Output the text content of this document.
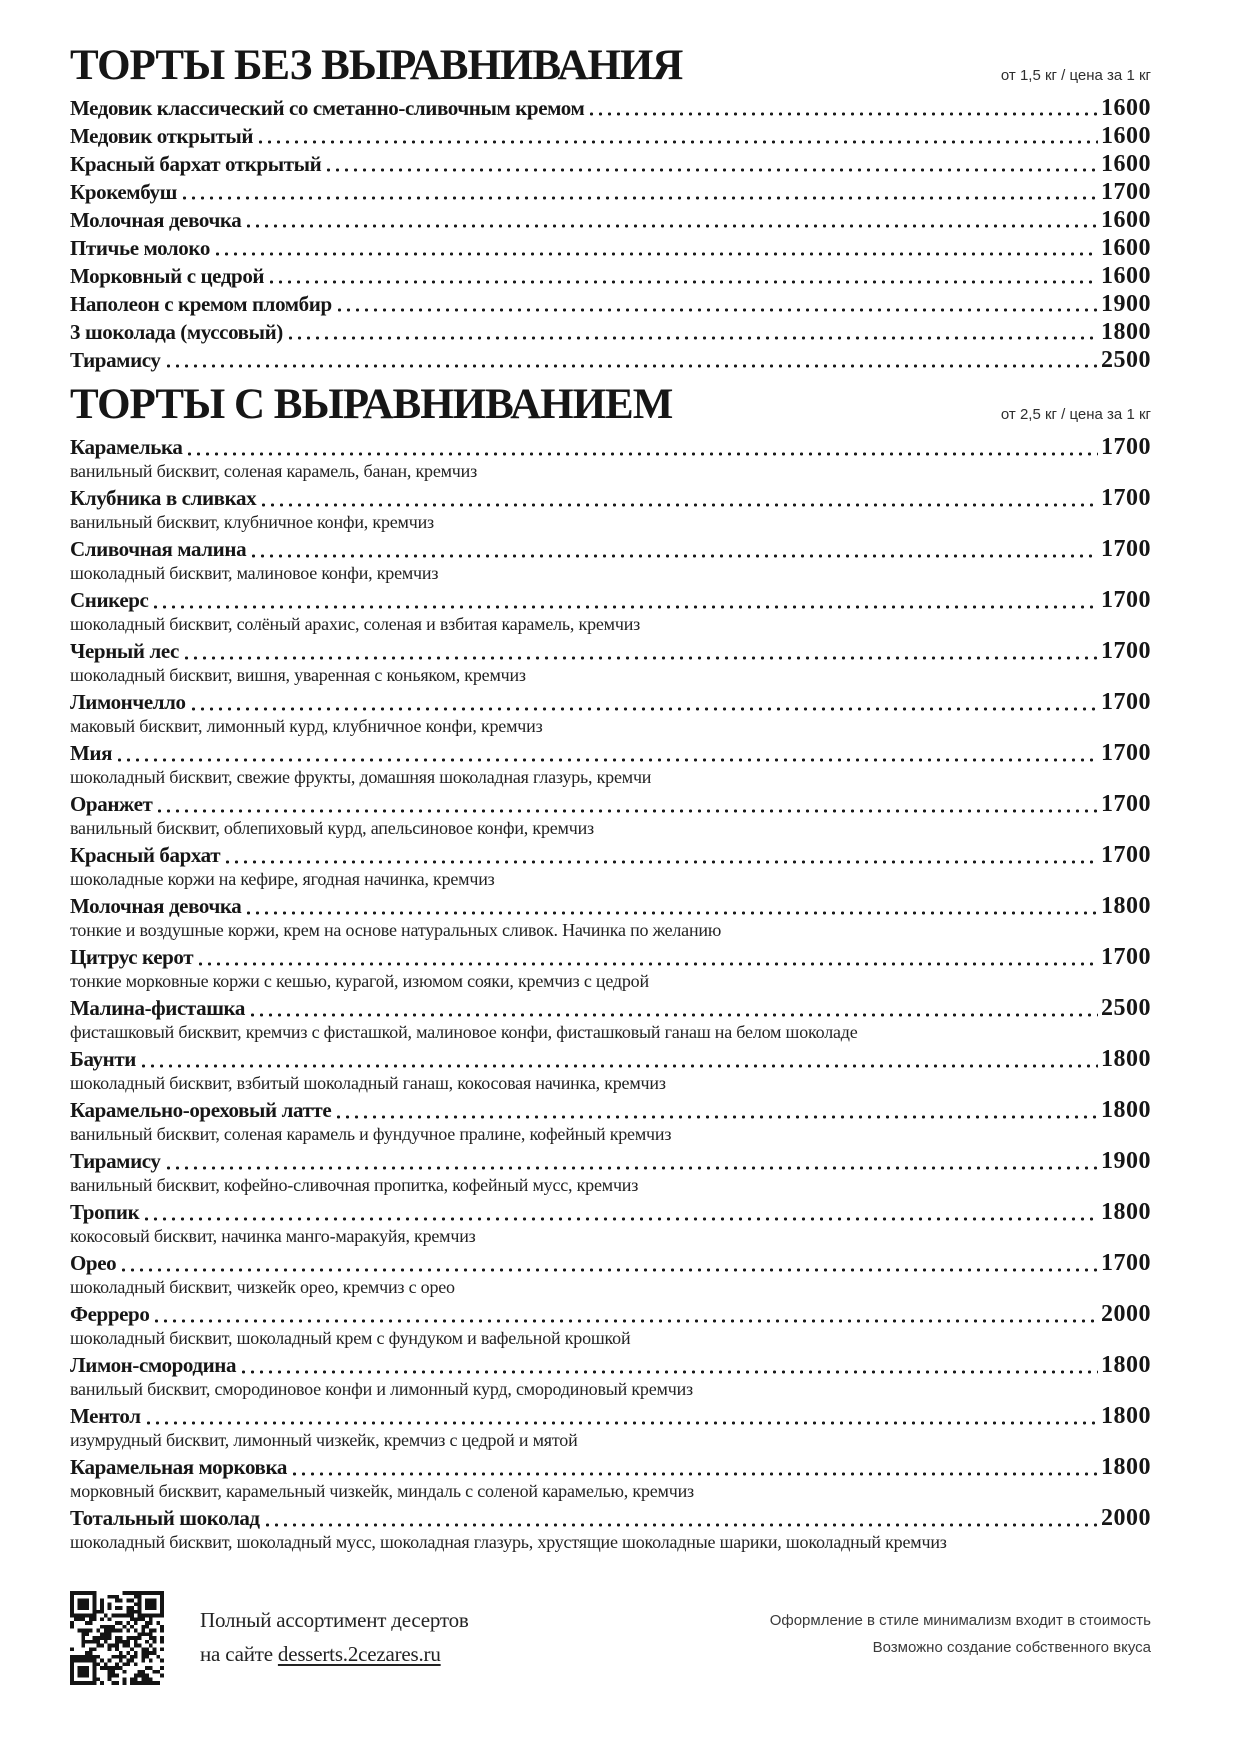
ТОРТЫ БЕЗ ВЫРАВНИВАНИЯ	от 1,5 кг / цена за 1 кг
Медовик классический со сметанно-сливочным кремом	1600
Медовик открытый	1600
Красный бархат открытый	1600
Крокембуш	1700
Молочная девочка	1600
Птичье молоко	1600
Морковный с цедрой	1600
Наполеон с кремом пломбир	1900
3 шоколада (муссовый)	1800
Тирамису	2500
ТОРТЫ С ВЫРАВНИВАНИЕМ	от 2,5 кг / цена за 1 кг
Карамелька	1700
ванильный бисквит, соленая карамель, банан, кремчиз
Клубника в сливках	1700
ванильный бисквит, клубничное конфи, кремчиз
Сливочная малина	1700
шоколадный бисквит, малиновое конфи, кремчиз
Сникерс	1700
шоколадный бисквит, солёный арахис, соленая и взбитая карамель, кремчиз
Черный лес	1700
шоколадный бисквит, вишня, уваренная с коньяком, кремчиз
Лимончелло	1700
маковый бисквит, лимонный курд, клубничное конфи, кремчиз
Мия	1700
шоколадный бисквит, свежие фрукты, домашняя шоколадная глазурь, кремчи
Оранжет	1700
ванильный бисквит, облепиховый курд, апельсиновое конфи, кремчиз
Красный бархат	1700
шоколадные коржи на кефире, ягодная начинка, кремчиз
Молочная девочка	1800
тонкие и воздушные коржи, крем на основе натуральных сливок. Начинка по желанию
Цитрус керот	1700
тонкие морковные коржи с кешью, курагой, изюмом сояки, кремчиз с цедрой
Малина-фисташка	2500
фисташковый бисквит, кремчиз с фисташкой, малиновое конфи, фисташковый ганаш на белом шоколаде
Баунти	1800
шоколадный бисквит, взбитый шоколадный ганаш, кокосовая начинка, кремчиз
Карамельно-ореховый латте	1800
ванильный бисквит, соленая карамель и фундучное пралине, кофейный кремчиз
Тирамису	1900
ванильный бисквит, кофейно-сливочная пропитка, кофейный мусс, кремчиз
Тропик	1800
кокосовый бисквит, начинка манго-маракуйя, кремчиз
Орео	1700
шоколадный бисквит, чизкейк орео, кремчиз с орео
Ферреро	2000
шоколадный бисквит, шоколадный крем с фундуком и вафельной крошкой
Лимон-смородина	1800
ванильый бисквит, смородиновое конфи и лимонный курд, смородиновый кремчиз
Ментол	1800
изумрудный бисквит, лимонный чизкейк, кремчиз с цедрой и мятой
Карамельная морковка	1800
морковный бисквит, карамельный чизкейк, миндаль с соленой карамелью, кремчиз
Тотальный шоколад	2000
шоколадный бисквит, шоколадный мусс, шоколадная глазурь, хрустящие шоколадные шарики, шоколадный кремчиз
Полный ассортимент десертов
на сайте desserts.2cezares.ru
Оформление в стиле минимализм входит в стоимость
Возможно создание собственного вкуса
